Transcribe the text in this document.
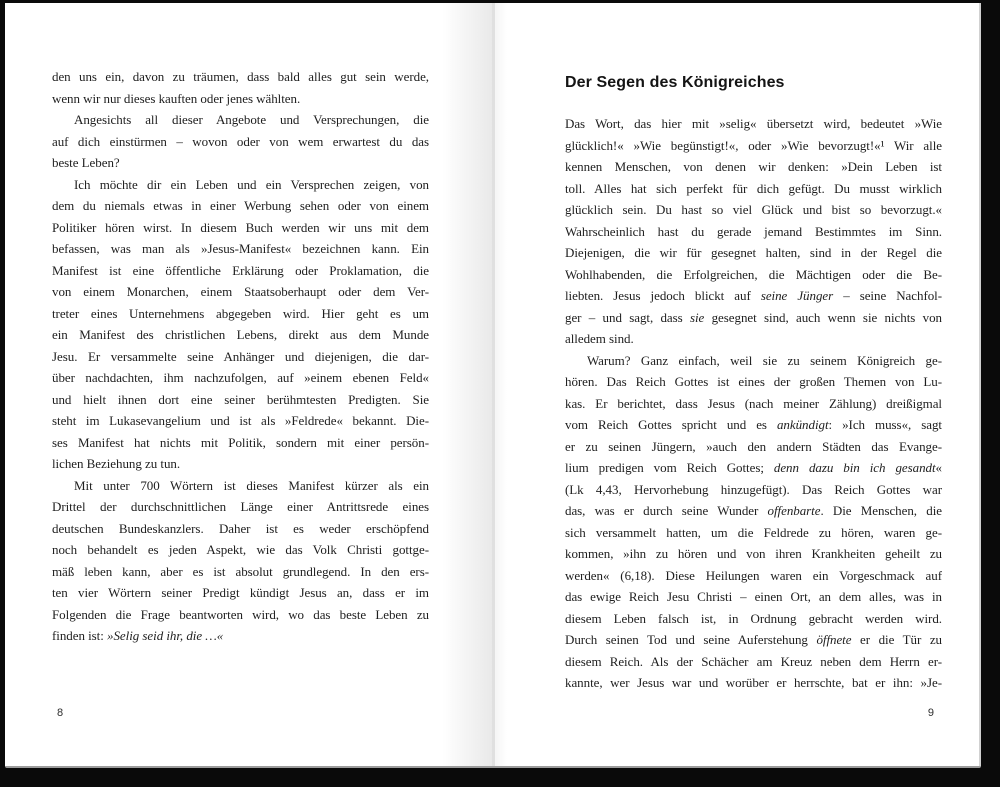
den uns ein, davon zu träumen, dass bald alles gut sein werde,
wenn wir nur dieses kauften oder jenes wählten.
Angesichts all dieser Angebote und Versprechungen, die
auf dich einstürmen – wovon oder von wem erwartest du das
beste Leben?
Ich möchte dir ein Leben und ein Versprechen zeigen, von
dem du niemals etwas in einer Werbung sehen oder von einem
Politiker hören wirst. In diesem Buch werden wir uns mit dem
befassen, was man als »Jesus-Manifest« bezeichnen kann. Ein
Manifest ist eine öffentliche Erklärung oder Proklamation, die
von einem Monarchen, einem Staatsoberhaupt oder dem Ver-
treter eines Unternehmens abgegeben wird. Hier geht es um
ein Manifest des christlichen Lebens, direkt aus dem Munde
Jesu. Er versammelte seine Anhänger und diejenigen, die dar-
über nachdachten, ihm nachzufolgen, auf »einem ebenen Feld«
und hielt ihnen dort eine seiner berühmtesten Predigten. Sie
steht im Lukasevangelium und ist als »Feldrede« bekannt. Die-
ses Manifest hat nichts mit Politik, sondern mit einer persön-
lichen Beziehung zu tun.
Mit unter 700 Wörtern ist dieses Manifest kürzer als ein
Drittel der durchschnittlichen Länge einer Antrittsrede eines
deutschen Bundeskanzlers. Daher ist es weder erschöpfend
noch behandelt es jeden Aspekt, wie das Volk Christi gottge-
mäß leben kann, aber es ist absolut grundlegend. In den ers-
ten vier Wörtern seiner Predigt kündigt Jesus an, dass er im
Folgenden die Frage beantworten wird, wo das beste Leben zu
finden ist: »Selig seid ihr, die …«
8
Der Segen des Königreiches
Das Wort, das hier mit »selig« übersetzt wird, bedeutet »Wie
glücklich!« »Wie begünstigt!«, oder »Wie bevorzugt!«¹ Wir alle
kennen Menschen, von denen wir denken: »Dein Leben ist
toll. Alles hat sich perfekt für dich gefügt. Du musst wirklich
glücklich sein. Du hast so viel Glück und bist so bevorzugt.«
Wahrscheinlich hast du gerade jemand Bestimmtes im Sinn.
Diejenigen, die wir für gesegnet halten, sind in der Regel die
Wohlhabenden, die Erfolgreichen, die Mächtigen oder die Be-
liebten. Jesus jedoch blickt auf seine Jünger – seine Nachfol-
ger – und sagt, dass sie gesegnet sind, auch wenn sie nichts von
alledem sind.
Warum? Ganz einfach, weil sie zu seinem Königreich ge-
hören. Das Reich Gottes ist eines der großen Themen von Lu-
kas. Er berichtet, dass Jesus (nach meiner Zählung) dreißigmal
vom Reich Gottes spricht und es ankündigt: »Ich muss«, sagt
er zu seinen Jüngern, »auch den andern Städten das Evange-
lium predigen vom Reich Gottes; denn dazu bin ich gesandt«
(Lk 4,43, Hervorhebung hinzugefügt). Das Reich Gottes war
das, was er durch seine Wunder offenbarte. Die Menschen, die
sich versammelt hatten, um die Feldrede zu hören, waren ge-
kommen, »ihn zu hören und von ihren Krankheiten geheilt zu
werden« (6,18). Diese Heilungen waren ein Vorgeschmack auf
das ewige Reich Jesu Christi – einen Ort, an dem alles, was in
diesem Leben falsch ist, in Ordnung gebracht werden wird.
Durch seinen Tod und seine Auferstehung öffnete er die Tür zu
diesem Reich. Als der Schächer am Kreuz neben dem Herrn er-
kannte, wer Jesus war und worüber er herrschte, bat er ihn: »Je-
9
